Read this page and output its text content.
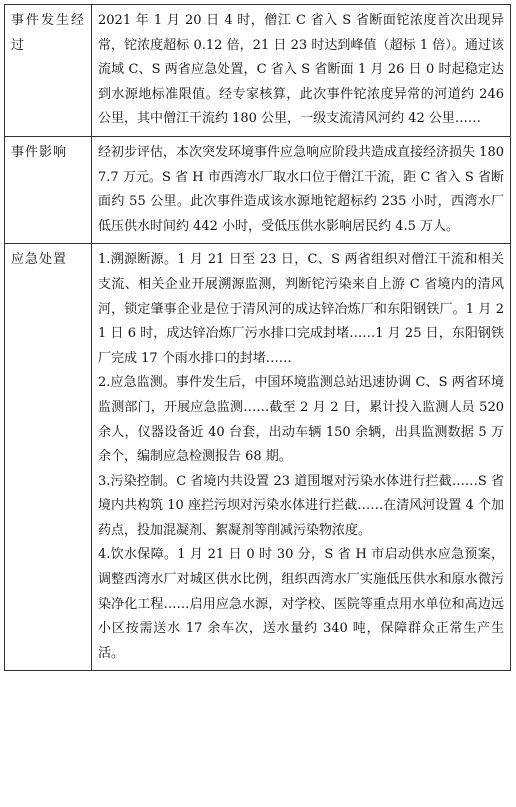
事件发生经过	2021 年 1 月 20 日 4 时，僧江 C 省入 S 省断面铊浓度首次出现异常，铊浓度超标 0.12 倍，21 日 23 时达到峰值（超标 1 倍）。通过该流域 C、S 两省应急处置，C 省入 S 省断面 1 月 26 日 0 时起稳定达到水源地标准限值。经专家核算，此次事件铊浓度异常的河道约 246 公里，其中僧江干流约 180 公里，一级支流清风河约 42 公里……

事件影响	经初步评估，本次突发环境事件应急响应阶段共造成直接经济损失 1807.7 万元。S 省 H 市西湾水厂取水口位于僧江干流，距 C 省入 S 省断面约 55 公里。此次事件造成该水源地铊超标约 235 小时，西湾水厂低压供水时间约 442 小时，受低压供水影响居民约 4.5 万人。

应急处置	1.溯源断源。1 月 21 日至 23 日，C、S 两省组织对僧江干流和相关支流、相关企业开展溯源监测，判断铊污染来自上游 C 省境内的清风河，锁定肇事企业是位于清风河的成达锌冶炼厂和东阳钢铁厂。1 月 21 日 6 时，成达锌冶炼厂污水排口完成封堵……1 月 25 日，东阳钢铁厂完成 17 个雨水排口的封堵……

2.应急监测。事件发生后，中国环境监测总站迅速协调 C、S 两省环境监测部门，开展应急监测……截至 2 月 2 日，累计投入监测人员 520 余人，仪器设备近 40 台套，出动车辆 150 余辆，出具监测数据 5 万余个，编制应急检测报告 68 期。

3.污染控制。C 省境内共设置 23 道围堰对污染水体进行拦截……S 省境内共构筑 10 座拦污坝对污染水体进行拦截……在清风河设置 4 个加药点，投加混凝剂、絮凝剂等削减污染物浓度。

4.饮水保障。1 月 21 日 0 时 30 分，S 省 H 市启动供水应急预案，调整西湾水厂对城区供水比例，组织西湾水厂实施低压供水和原水微污染净化工程……启用应急水源，对学校、医院等重点用水单位和高边远小区按需送水 17 余车次，送水量约 340 吨，保障群众正常生产生活。
